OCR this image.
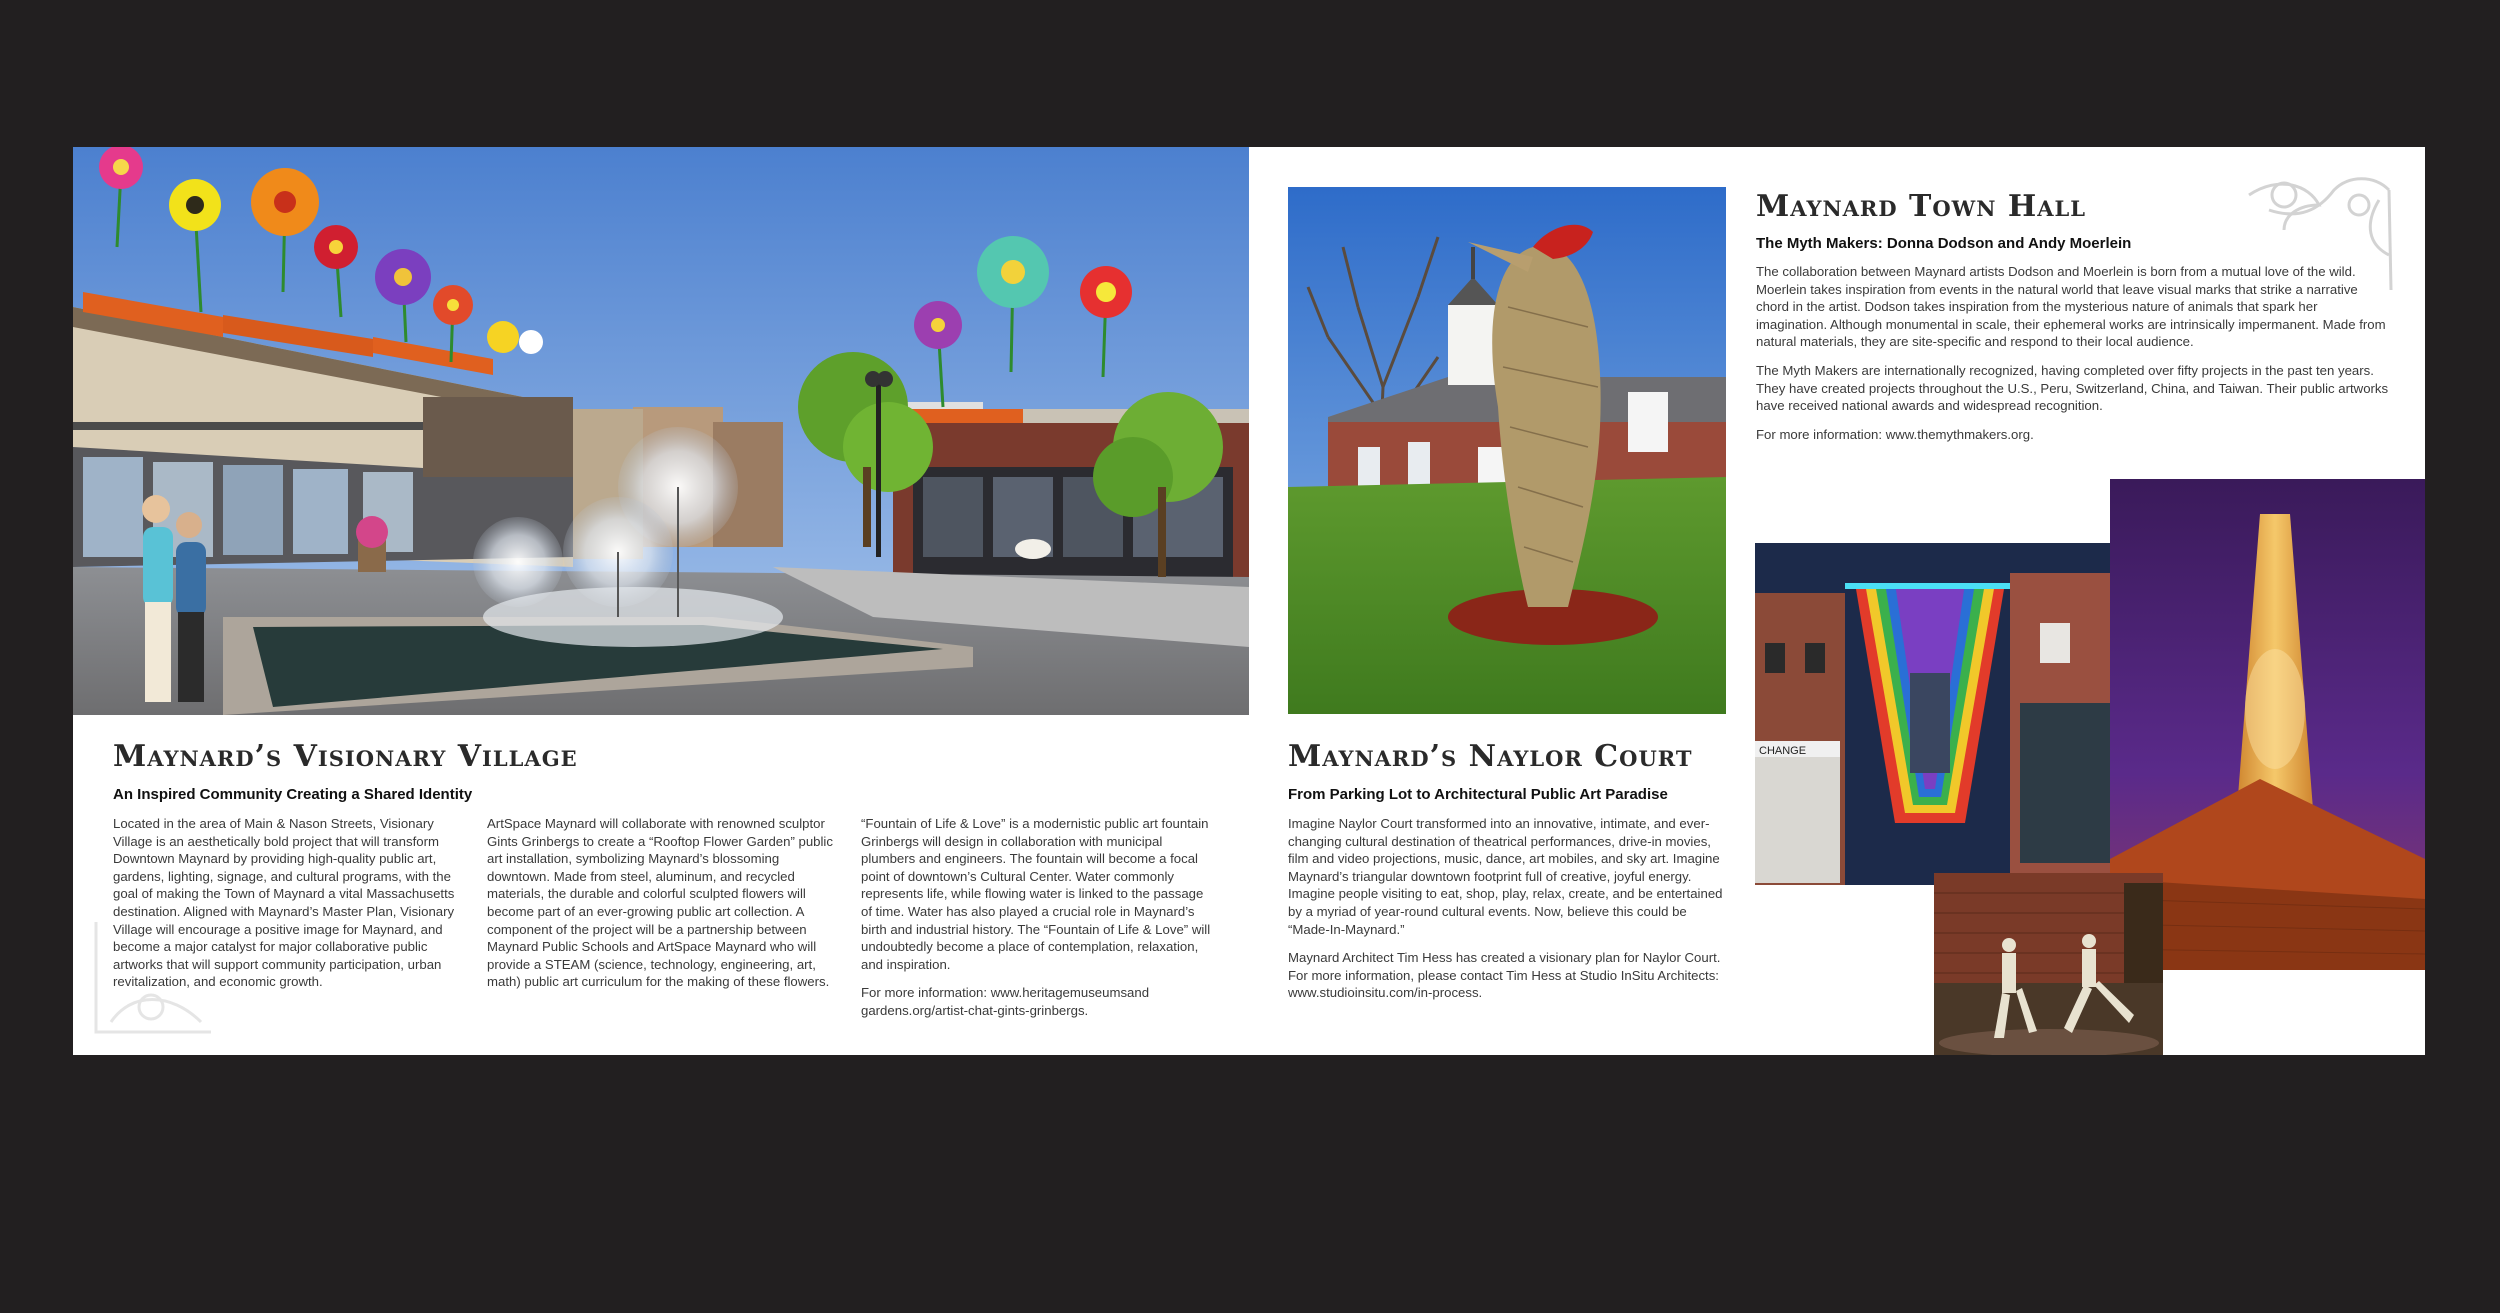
CHANGE
Maynard’s Visionary Village
An Inspired Community Creating a Shared Identity

Located in the area of Main & Nason Streets, Visionary Village is an aesthetically bold project that will transform Downtown Maynard by providing high-quality public art, gardens, lighting, signage, and cultural programs, with the goal of making the Town of Maynard a vital Massachusetts destination. Aligned with Maynard’s Master Plan, Visionary Village will encourage a positive image for Maynard, and become a major catalyst for major collaborative public artworks that will support community participation, urban revitalization, and economic growth.

ArtSpace Maynard will collaborate with renowned sculptor Gints Grinbergs to create a “Rooftop Flower Garden” public art installation, symbolizing Maynard’s blossoming downtown. Made from steel, aluminum, and recycled materials, the durable and colorful sculpted flowers will become part of an ever-growing public art collection. A component of the project will be a partnership between Maynard Public Schools and ArtSpace Maynard who will provide a STEAM (science, technology, engineering, art, math) public art curriculum for the making of these flowers.

“Fountain of Life & Love” is a modernistic public art fountain Grinbergs will design in collaboration with municipal plumbers and engineers. The fountain will become a focal point of downtown’s Cultural Center. Water commonly represents life, while flowing water is linked to the passage of time. Water has also played a crucial role in Maynard’s birth and industrial history. The “Fountain of Life & Love” will undoubtedly become a place of contemplation, relaxation, and inspiration.

For more information: www.heritagemuseumsand gardens.org/artist-chat-gints-grinbergs.

Maynard’s Naylor Court
From Parking Lot to Architectural Public Art Paradise

Imagine Naylor Court transformed into an innovative, intimate, and ever-changing cultural destination of theatrical performances, drive-in movies, film and video projections, music, dance, art mobiles, and sky art. Imagine Maynard’s triangular downtown footprint full of creative, joyful energy. Imagine people visiting to eat, shop, play, relax, create, and be entertained by a myriad of year-round cultural events. Now, believe this could be “Made-In-Maynard.”

Maynard Architect Tim Hess has created a visionary plan for Naylor Court. For more information, please contact Tim Hess at Studio InSitu Architects: www.studioinsitu.com/in-process.

Maynard Town Hall
The Myth Makers: Donna Dodson and Andy Moerlein

The collaboration between Maynard artists Dodson and Moerlein is born from a mutual love of the wild. Moerlein takes inspiration from events in the natural world that leave visual marks that strike a narrative chord in the artist. Dodson takes inspiration from the mysterious nature of animals that spark her imagination. Although monumental in scale, their ephemeral works are intrinsically impermanent. Made from natural materials, they are site-specific and respond to their local audience.

The Myth Makers are internationally recognized, having completed over fifty projects in the past ten years. They have created projects throughout the U.S., Peru, Switzerland, China, and Taiwan. Their public artworks have received national awards and widespread recognition.

For more information: www.themythmakers.org.
